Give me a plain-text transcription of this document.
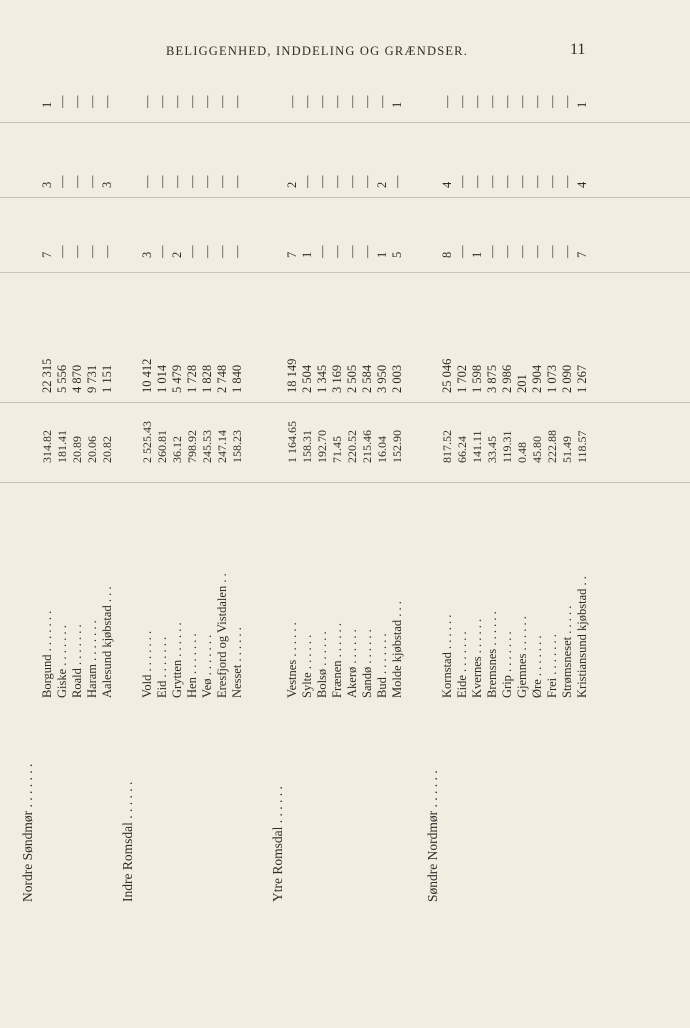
BELIGGENHED, INDDELING OG GRÆNDSER.	11
Nordre Søndmør . . . . . . .
Borgund . . . . . . .
314.82
22 315
7
3
1
Giske . . . . . . .
181.41
5 556
—
—
—
Roald . . . . . . .
20.89
4 870
—
—
—
Haram . . . . . . .
20.06
9 731
—
—
—
Aalesund kjøbstad . . .
20.82
1 151
—
3
—
Indre Romsdal . . . . . .
Vold . . . . . . .
2 525.43
10 412
3
—
—
Eid . . . . . . .
260.81
1 014
—
—
—
Grytten . . . . . .
36.12
5 479
2
—
—
Hen . . . . . . .
798.92
1 728
—
—
—
Veø . . . . . . .
245.53
1 828
—
—
—
Eresfjord og Vistdalen . .
247.14
2 748
—
—
—
Nesset . . . . . .
158.23
1 840
—
—
—
Ytre Romsdal . . . . . .
Vestnes . . . . . .
1 164.65
18 149
7
2
—
Sylte . . . . . .
158.31
2 504
1
—
—
Bolsø . . . . . .
192.70
1 345
—
—
—
Frænen . . . . . .
71.45
3 169
—
—
—
Akerø . . . . . .
220.52
2 505
—
—
—
Sandø . . . . . .
215.46
2 584
—
—
—
Bud . . . . . . .
16.04
3 950
1
2
—
Molde kjøbstad . . .
152.90
2 003
5
—
1
Søndre Nordmør . . . . . .
Kornstad . . . . . .
817.52
25 046
8
4
—
Eide . . . . . . .
66.24
1 702
—
—
—
Kvernes . . . . . .
141.11
1 598
1
—
—
Bremsnes . . . . . .
33.45
3 875
—
—
—
Grip . . . . . . .
119.31
2 986
—
—
—
Gjemnes . . . . . .
0.48
201
—
—
—
Øre . . . . . . .
45.80
2 904
—
—
—
Frei . . . . . . .
222.88
1 073
—
—
—
Strømsneset . . . . .
51.49
2 090
—
—
—
Kristiansund kjøbstad . .
118.57
1 267
7
4
1
